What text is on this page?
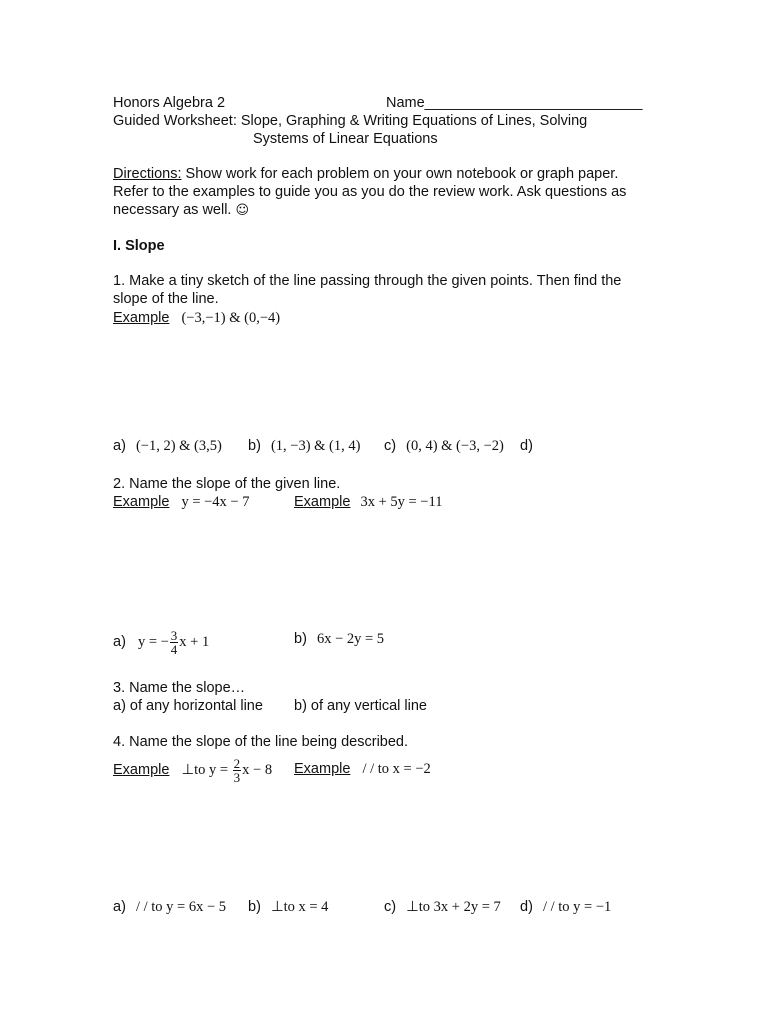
Honors Algebra 2	Name___________________________
Guided Worksheet: Slope, Graphing & Writing Equations of Lines, Solving
Systems of Linear Equations
Directions: Show work for each problem on your own notebook or graph paper.
Refer to the examples to guide you as you do the review work. Ask questions as
necessary as well. ☺
I. Slope
1. Make a tiny sketch of the line passing through the given points. Then find the
slope of the line.
Example (−3,−1) & (0,−4)
a) (−1, 2) & (3,5) b) (1, −3) & (1, 4) c) (0, 4) & (−3, −2) d)
2. Name the slope of the given line.
Example y = −4x − 7	Example 3x + 5y = −11
a) y = − $\frac{3}{4}$ x + 1	b) 6x − 2y = 5
3. Name the slope…
a) of any horizontal line b) of any vertical line
4. Name the slope of the line being described.
Example ⊥to $y = \frac{2}{3}$ x − 8 Example / / to x = −2
a) / / to y = 6x − 5 b) ⊥to x = 4	c) ⊥to 3x + 2y = 7 d) / / to y = −1
